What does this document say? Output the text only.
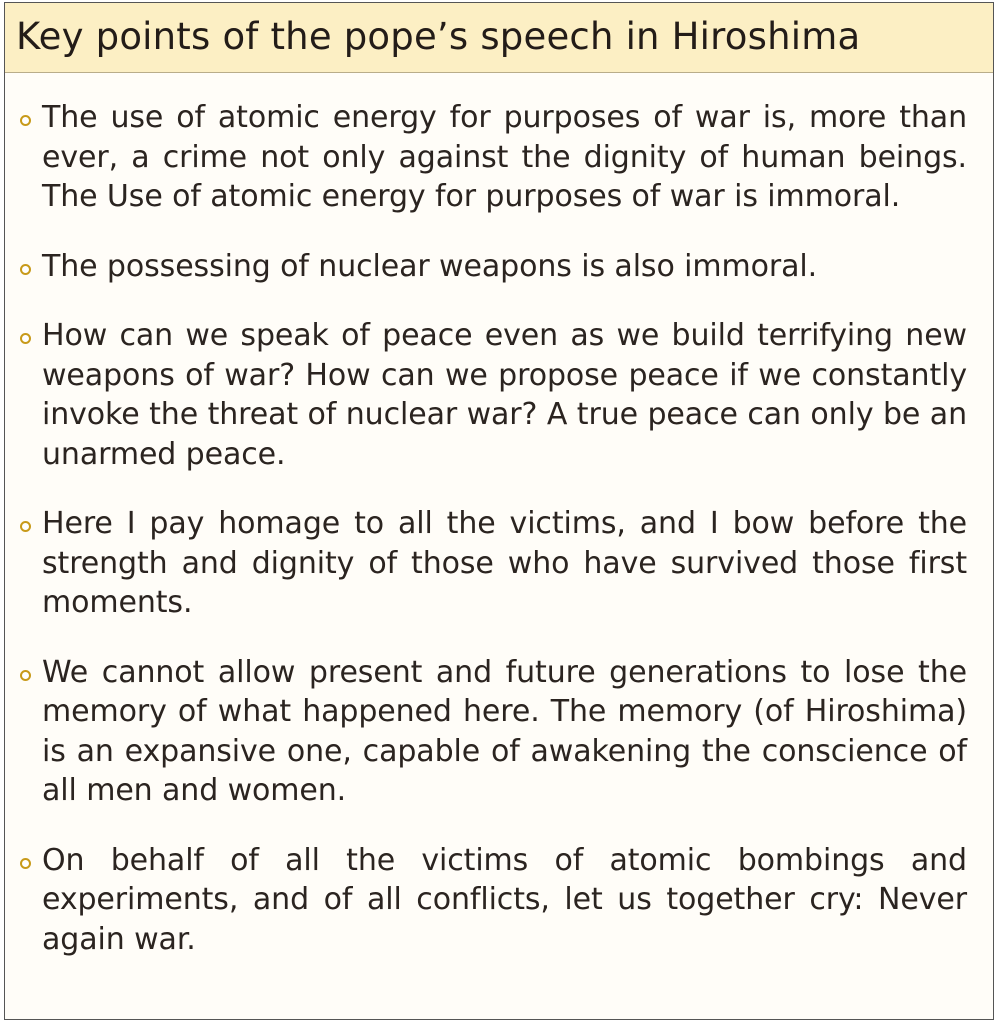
Key points of the pope’s speech in Hiroshima
The use of atomic energy for purposes of war is, more than ever, a crime not only against the dignity of human beings. The Use of atomic energy for purposes of war is immoral.
The possessing of nuclear weapons is also immoral.
How can we speak of peace even as we build terrifying new weapons of war? How can we propose peace if we constantly invoke the threat of nuclear war? A true peace can only be an unarmed peace.
Here I pay homage to all the victims, and I bow before the strength and dignity of those who have survived those first moments.
We cannot allow present and future generations to lose the memory of what happened here. The memory (of Hiroshima) is an expansive one, capable of awakening the conscience of all men and women.
On behalf of all the victims of atomic bombings and experiments, and of all conflicts, let us together cry: Never again war.
